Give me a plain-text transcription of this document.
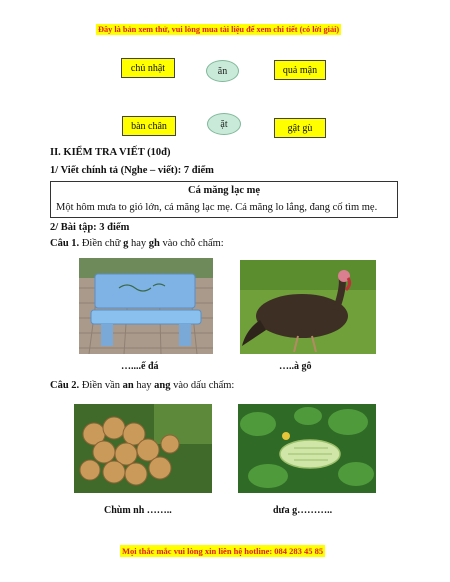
Đây là bản xem thử, vui lòng mua tài liệu để xem chi tiết (có lời giải)
chủ nhật	ăn	quả mận
bàn chân	ặt	gật gù
II. KIỂM TRA VIẾT (10đ)
1/ Viết chính tả (Nghe – viết): 7 điểm
Cá măng lạc mẹ
Một hôm mưa to gió lớn, cá măng lạc mẹ. Cá măng lo lắng, đang cố tìm mẹ.
2/ Bài tập: 3 điểm
Câu 1. Điền chữ g hay gh vào chỗ chấm:
…....ế đá	…..à gô
Câu 2. Điền vần an hay ang vào dấu chấm:
Chùm nh ……..	dưa g………..
Mọi thắc mắc vui lòng xin liên hệ hotline: 084 283 45 85
